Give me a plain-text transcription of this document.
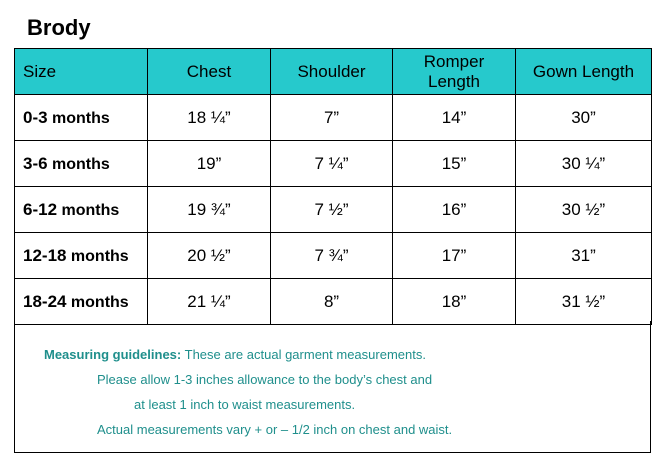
Brody
Size	Chest	Shoulder	Romper Length	Gown Length
0-3 months	18 ¼”	7”	14”	30”
3-6 months	19”	7 ¼”	15”	30 ¼”
6-12 months	19 ¾”	7 ½”	16”	30 ½”
12-18 months	20 ½”	7 ¾”	17”	31”
18-24 months	21 ¼”	8”	18”	31 ½”
Measuring guidelines: These are actual garment measurements.
Please allow 1-3 inches allowance to the body’s chest and
at least 1 inch to waist measurements.
Actual measurements vary + or – 1/2 inch on chest and waist.
